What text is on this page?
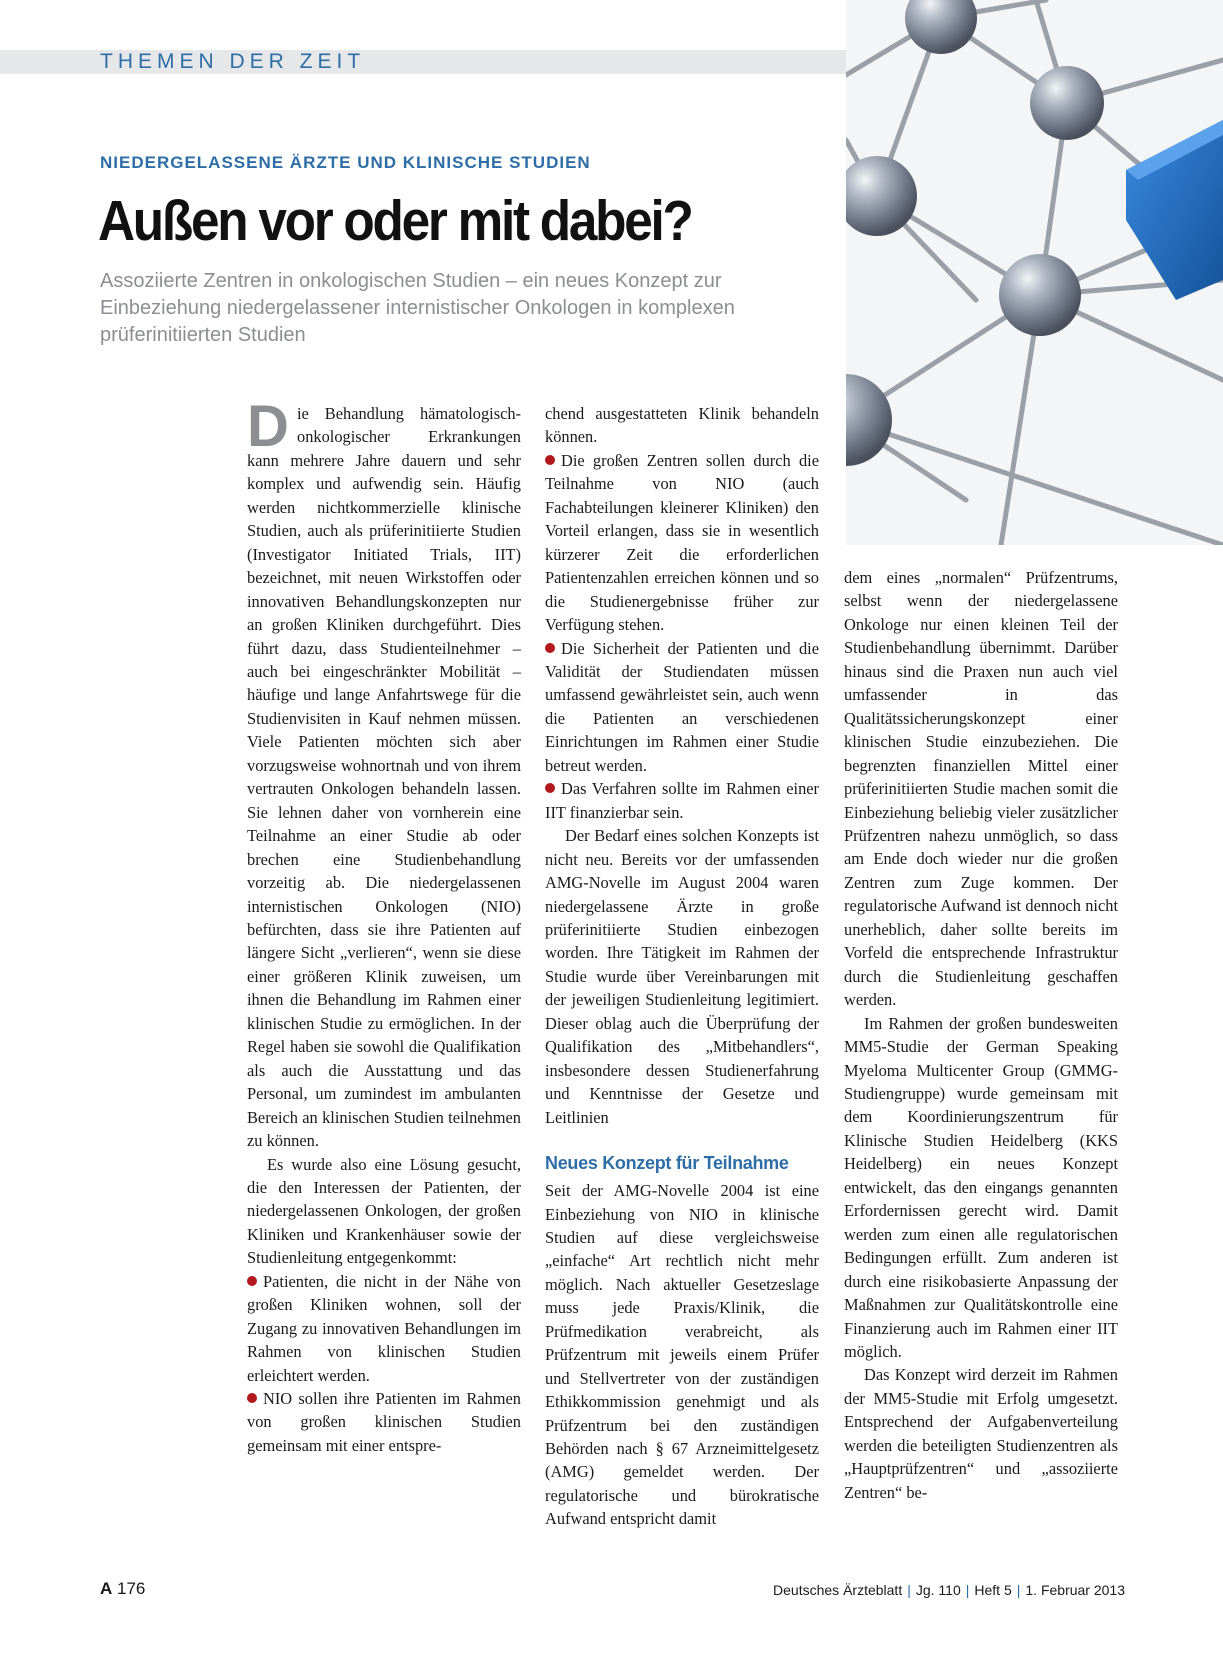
THEMEN DER ZEIT
NIEDERGELASSENE ÄRZTE UND KLINISCHE STUDIEN
Außen vor oder mit dabei?

Assoziierte Zentren in onkologischen Studien – ein neues Konzept zur Einbeziehung niedergelassener internistischer Onkologen in komplexen prüferinitiierten Studien

Die Behandlung hämatologisch-onkologischer Erkrankungen kann mehrere Jahre dauern und sehr komplex und aufwendig sein. Häufig werden nichtkommerzielle klinische Studien, auch als prüferinitiierte Studien (Investigator Initiated Trials, IIT) bezeichnet, mit neuen Wirkstoffen oder innovativen Behandlungskonzepten nur an großen Kliniken durchgeführt. Dies führt dazu, dass Studienteilnehmer – auch bei eingeschränkter Mobilität – häufige und lange Anfahrtswege für die Studienvisiten in Kauf nehmen müssen. Viele Patienten möchten sich aber vorzugsweise wohnortnah und von ihrem vertrauten Onkologen behandeln lassen. Sie lehnen daher von vornherein eine Teilnahme an einer Studie ab oder brechen eine Studienbehandlung vorzeitig ab. Die niedergelassenen internistischen Onkologen (NIO) befürchten, dass sie ihre Patienten auf längere Sicht „verlieren“, wenn sie diese einer größeren Klinik zuweisen, um ihnen die Behandlung im Rahmen einer klinischen Studie zu ermöglichen. In der Regel haben sie sowohl die Qualifikation als auch die Ausstattung und das Personal, um zumindest im ambulanten Bereich an klinischen Studien teilnehmen zu können.

Es wurde also eine Lösung gesucht, die den Interessen der Patienten, der niedergelassenen Onkologen, der großen Kliniken und Krankenhäuser sowie der Studienleitung entgegenkommt:

Patienten, die nicht in der Nähe von großen Kliniken wohnen, soll der Zugang zu innovativen Behandlungen im Rahmen von klinischen Studien erleichtert werden.

NIO sollen ihre Patienten im Rahmen von großen klinischen Studien gemeinsam mit einer entspre-

chend ausgestatteten Klinik behandeln können.

Die großen Zentren sollen durch die Teilnahme von NIO (auch Fachabteilungen kleinerer Kliniken) den Vorteil erlangen, dass sie in wesentlich kürzerer Zeit die erforderlichen Patientenzahlen erreichen können und so die Studienergebnisse früher zur Verfügung stehen.

Die Sicherheit der Patienten und die Validität der Studiendaten müssen umfassend gewährleistet sein, auch wenn die Patienten an verschiedenen Einrichtungen im Rahmen einer Studie betreut werden.

Das Verfahren sollte im Rahmen einer IIT finanzierbar sein.

Der Bedarf eines solchen Konzepts ist nicht neu. Bereits vor der umfassenden AMG-Novelle im August 2004 waren niedergelassene Ärzte in große prüferinitiierte Studien einbezogen worden. Ihre Tätigkeit im Rahmen der Studie wurde über Vereinbarungen mit der jeweiligen Studienleitung legitimiert. Dieser oblag auch die Überprüfung der Qualifikation des „Mitbehandlers“, insbesondere dessen Studienerfahrung und Kenntnisse der Gesetze und Leitlinien

Neues Konzept für Teilnahme

Seit der AMG-Novelle 2004 ist eine Einbeziehung von NIO in klinische Studien auf diese vergleichsweise „einfache“ Art rechtlich nicht mehr möglich. Nach aktueller Gesetzeslage muss jede Praxis/Klinik, die Prüfmedikation verabreicht, als Prüfzentrum mit jeweils einem Prüfer und Stellvertreter von der zuständigen Ethikkommission genehmigt und als Prüfzentrum bei den zuständigen Behörden nach § 67 Arzneimittelgesetz (AMG) gemeldet werden. Der regulatorische und bürokratische Aufwand entspricht damit

dem eines „normalen“ Prüfzentrums, selbst wenn der niedergelassene Onkologe nur einen kleinen Teil der Studienbehandlung übernimmt. Darüber hinaus sind die Praxen nun auch viel umfassender in das Qualitätssicherungskonzept einer klinischen Studie einzubeziehen. Die begrenzten finanziellen Mittel einer prüferinitiierten Studie machen somit die Einbeziehung beliebig vieler zusätzlicher Prüfzentren nahezu unmöglich, so dass am Ende doch wieder nur die großen Zentren zum Zuge kommen. Der regulatorische Aufwand ist dennoch nicht unerheblich, daher sollte bereits im Vorfeld die entsprechende Infrastruktur durch die Studienleitung geschaffen werden.

Im Rahmen der großen bundesweiten MM5-Studie der German Speaking Myeloma Multicenter Group (GMMG-Studiengruppe) wurde gemeinsam mit dem Koordinierungszentrum für Klinische Studien Heidelberg (KKS Heidelberg) ein neues Konzept entwickelt, das den eingangs genannten Erfordernissen gerecht wird. Damit werden zum einen alle regulatorischen Bedingungen erfüllt. Zum anderen ist durch eine risikobasierte Anpassung der Maßnahmen zur Qualitätskontrolle eine Finanzierung auch im Rahmen einer IIT möglich.

Das Konzept wird derzeit im Rahmen der MM5-Studie mit Erfolg umgesetzt. Entsprechend der Aufgabenverteilung werden die beteiligten Studienzentren als „Hauptprüfzentren“ und „assoziierte Zentren“ be-

A 176	Deutsches Ärzteblatt | Jg. 110 | Heft 5 | 1. Februar 2013
